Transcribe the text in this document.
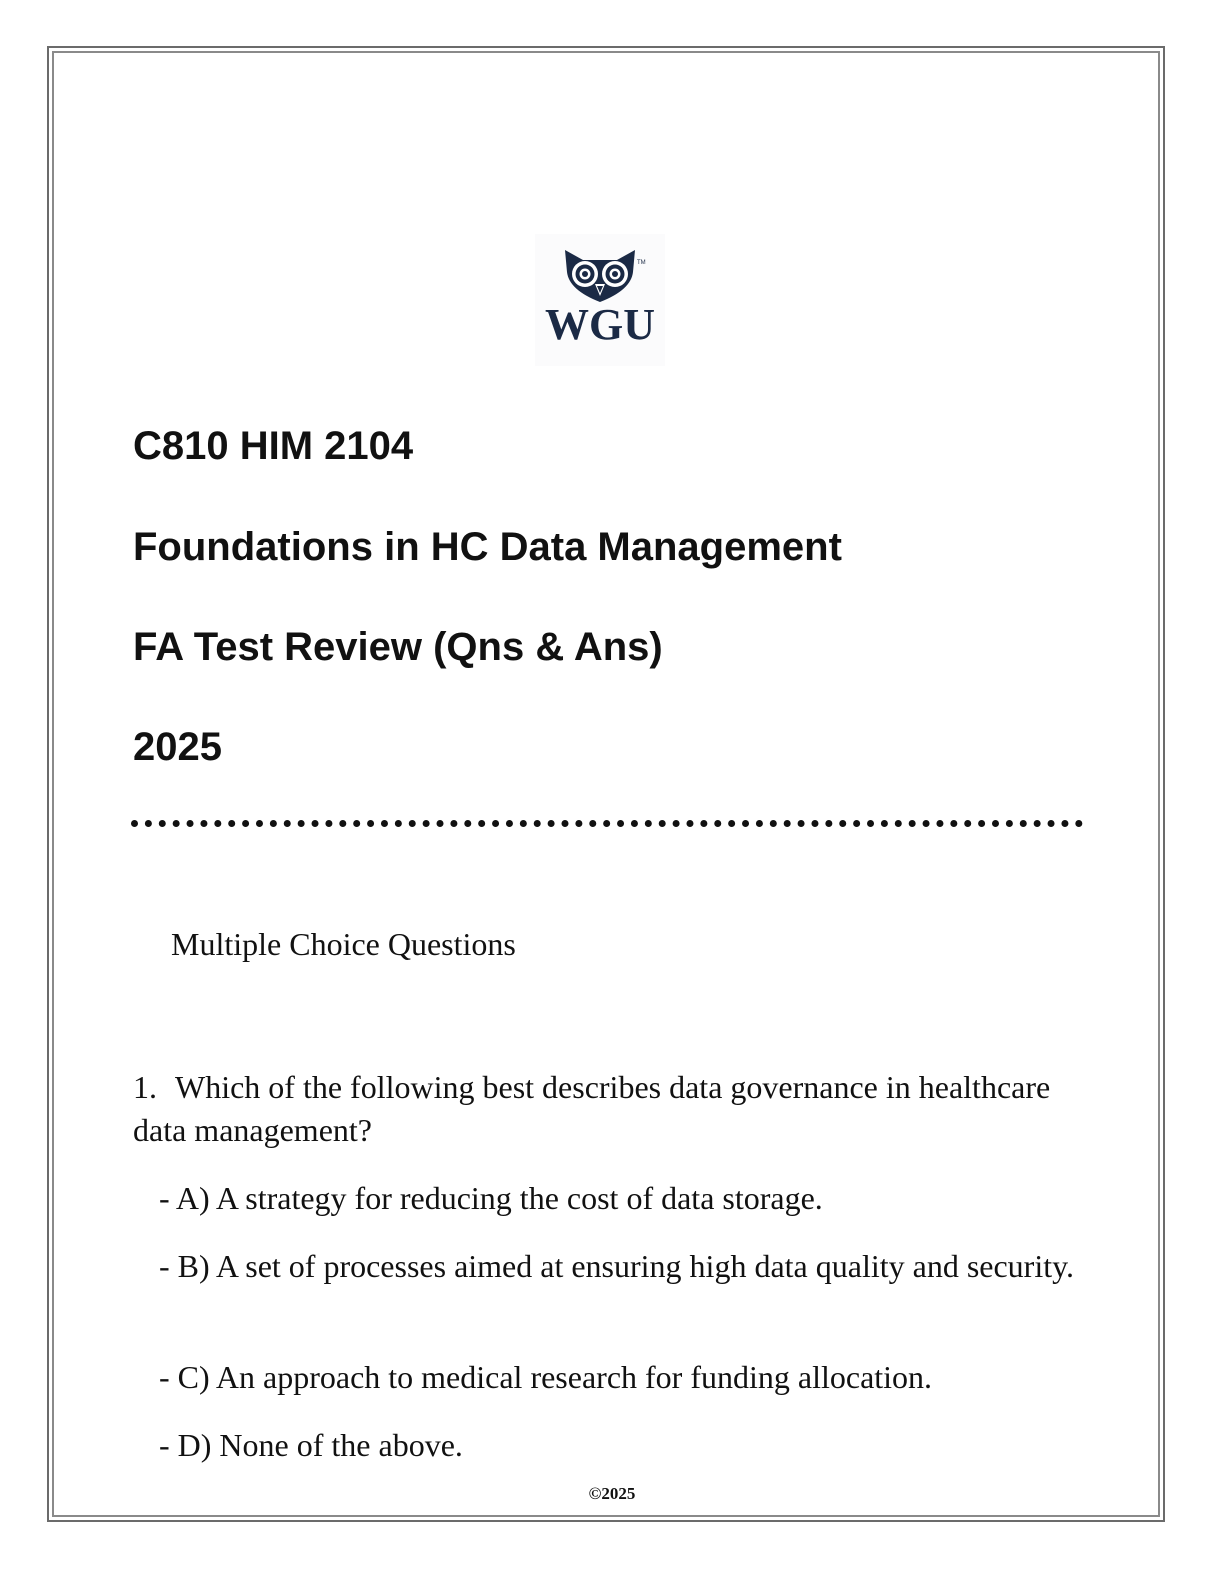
TM
WGU
C810 HIM 2104
Foundations in HC Data Management
FA Test Review (Qns & Ans)
2025
Multiple Choice Questions
1. Which of the following best describes data governance in healthcare data management?
- A) A strategy for reducing the cost of data storage.
- B) A set of processes aimed at ensuring high data quality and security.
- C) An approach to medical research for funding allocation.
- D) None of the above.
©2025
